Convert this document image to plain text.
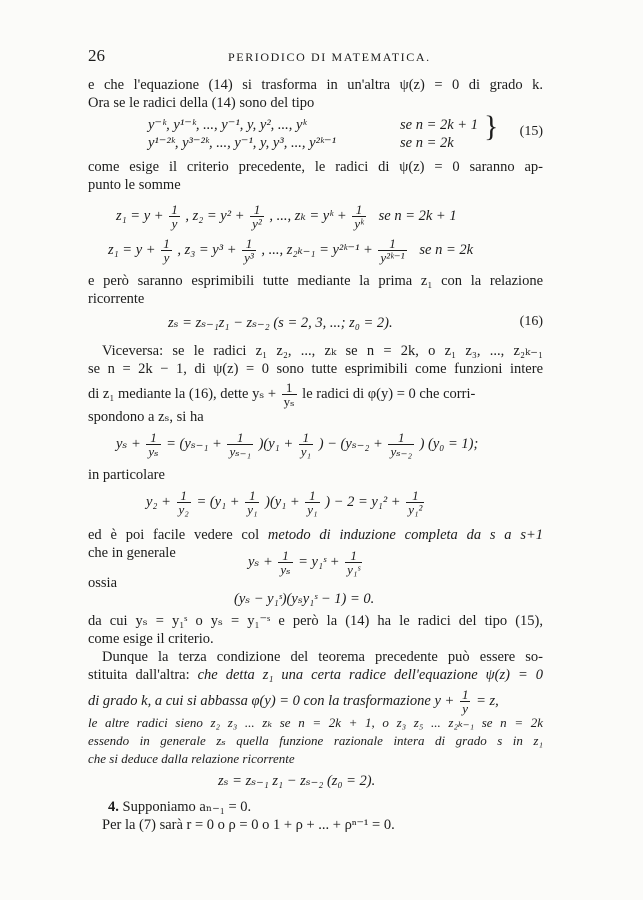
26	PERIODICO DI MATEMATICA.
e che l'equazione (14) si trasforma in un'altra ψ(z) = 0 di grado k.
Ora se le radici della (14) sono del tipo
y⁻ᵏ, y¹⁻ᵏ, ..., y⁻¹, y, y², ..., yᵏ	se n = 2k + 1
y¹⁻²ᵏ, y³⁻²ᵏ, ..., y⁻¹, y, y³, ..., y²ᵏ⁻¹	se n = 2k } (15)
come esige il criterio precedente, le radici di ψ(z) = 0 saranno ap-
punto le somme
$z_1 = y + \frac{1}{y}$ , $z_2 = y^2 + \frac{1}{\text{y²}}$ , ..., zₖ = yᵏ + $\frac{1}{\text{yᵏ}}$ se n = 2k + 1
$z_1 = y + \frac{1}{y}$ , $z_3 = y^3 + \frac{1}{\text{y³}}$ , ..., z₂ₖ₋₁ = y²ᵏ⁻¹ + $\frac{1}{\text{y²ᵏ⁻¹}}$ se n = 2k
e però saranno esprimibili tutte mediante la prima z₁ con la relazione
ricorrente
zₛ = zₛ₋₁z₁ − zₛ₋₂ (s = 2, 3, ...; z₀ = 2).	(16)
Viceversa: se le radici z₁ z₂, ..., zₖ se n = 2k, o z₁ z₃, ..., z₂ₖ₋₁
se n = 2k − 1, di ψ(z) = 0 sono tutte esprimibili come funzioni intere
di z₁ mediante la (16), dette $y_s + \frac{1}{\text{yₛ}}$ le radici di φ(y) = 0 che corri-
spondono a zₛ, si ha
$y_s + \frac{1}{\text{yₛ}} = (y_{s-1} + \frac{1}{\text{yₛ₋₁}} )(y_1 + \frac{1}{\text{y₁}}$ ) − ($y_{s-2} + \frac{1}{\text{yₛ₋₂}}$ ) (y₀ = 1);
in particolare
$y_2 + \frac{1}{\text{y₂}} = (y_1 + \frac{1}{\text{y₁}} )(y_1 + \frac{1}{\text{y₁}}$ ) − $2 = y_1^2 + \frac{1}{\text{y₁²}}$
ed è poi facile vedere col metodo di induzione completa da s a s+1
che in generale
$y_s + \frac{1}{\text{yₛ}}$ = y₁ˢ + $\frac{1}{\text{y₁ˢ}}$
ossia
(yₛ − y₁ˢ)(yₛy₁ˢ − 1) = 0.
da cui yₛ = y₁ˢ o yₛ = y₁⁻ˢ e però la (14) ha le radici del tipo (15),
come esige il criterio.
Dunque la terza condizione del teorema precedente può essere so-
stituita dall'altra: che detta z₁ una certa radice dell'equazione ψ(z) = 0
di grado k, a cui si abbassa φ(y) = 0 con la trasformazione $y + \frac{1}{y} = z$,
le altre radici sieno z₂ z₃ ... zₖ se n = 2k + 1, o z₃ z₅ ... z₂ₖ₋₁ se n = 2k
essendo in generale zₛ quella funzione razionale intera di grado s in z₁
che si deduce dalla relazione ricorrente
zₛ = zₛ₋₁ z₁ − zₛ₋₂ (z₀ = 2).
4. Supponiamo aₙ₋₁ = 0.
Per la (7) sarà r = 0 o ρ = 0 o 1 + ρ + ... + ρⁿ⁻¹ = 0.
